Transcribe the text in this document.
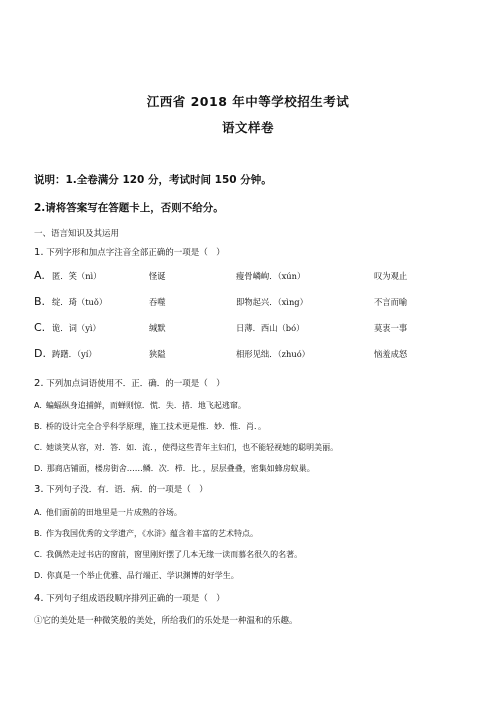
江西省 2018 年中等学校招生考试
语文样卷
说明：1.全卷满分 120 分，考试时间 150 分钟。
2.请将答案写在答题卡上，否则不给分。
一、语言知识及其运用
1. 下列字形和加点字注音全部正确的一项是（　）
A. 匿．笑（nì）	怪诞	瘦骨嶙峋．（xún）	叹为观止
B. 绽．琦（tuǒ）	吞噬	即物起兴．（xìng）	不言而喻
C. 诡．词（yì）	缄默	日薄．西山（bó）	莫衷一事
D. 踌躇．（yí）	狭隘	相形见绌．（zhuó）	恼羞成怒
2. 下列加点词语使用不．正．确．的一项是（　）
A. 蝙蝠纵身追捕鲜，而蝉则惊．慌．失．措．地飞起逃窜。
B. 桥的设计完全合乎科学原理，施工技术更是惟．妙．惟．肖．。
C. 她谈笑从容，对．答．如．流．，使得这些青年主妇们，也不能轻视她的聪明美丽。
D. 那商店铺面，楼房街舍……鳞．次．栉．比．，层层叠叠，密集如蜂房蚁巢。
3. 下列句子没．有．语．病．的一项是（　）
A. 他们面前的田地里是一片成熟的谷场。
B. 作为我国优秀的文学遗产，《水浒》蕴含着丰富的艺术特点。
C. 我偶然走过书店的窗前，窗里刚好摆了几本无缘一读而慕名很久的名著。
D. 你真是一个举止优雅、品行端正、学识渊博的好学生。
4. 下列句子组成语段顺序排列正确的一项是（　）
①它的美处是一种微笑般的美处，所给我们的乐处是一种温和的乐趣。
